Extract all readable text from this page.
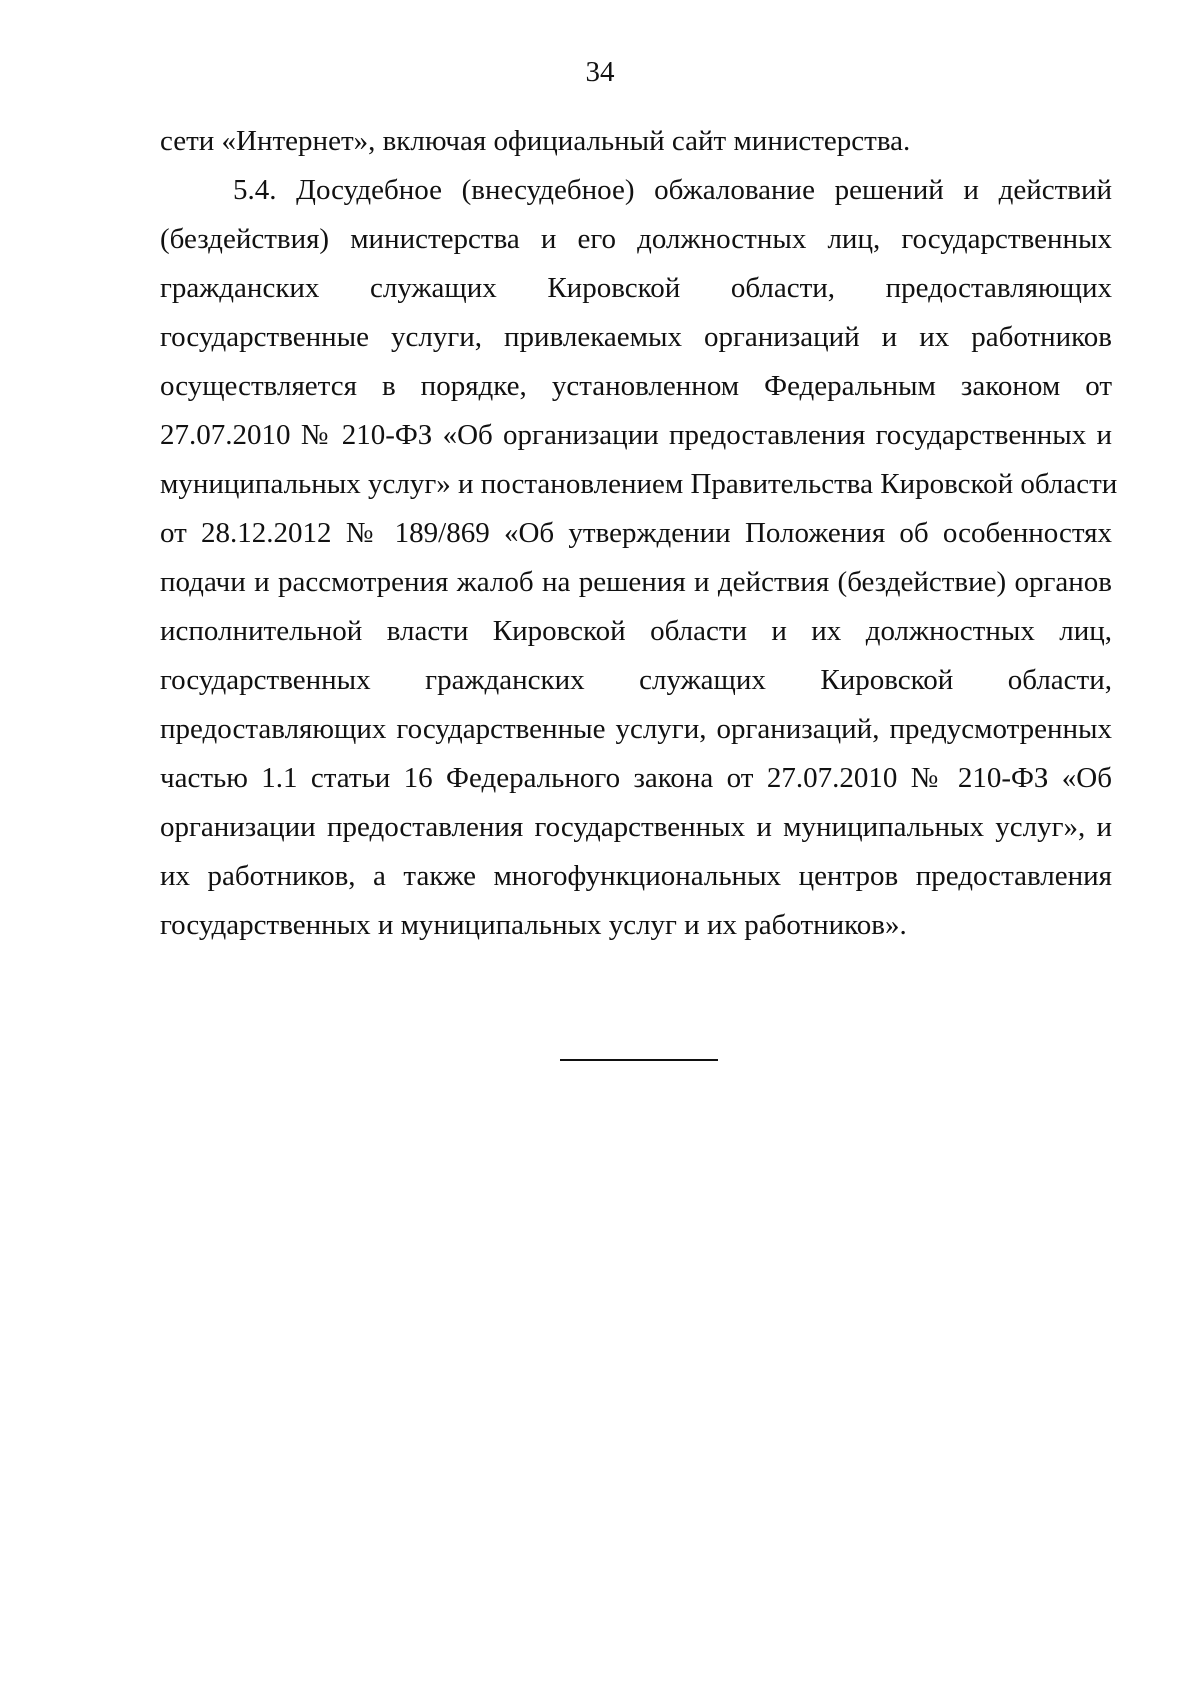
34
сети «Интернет», включая официальный сайт министерства.
5.4. Досудебное (внесудебное) обжалование решений и действий
(бездействия) министерства и его должностных лиц, государственных
гражданских служащих Кировской области, предоставляющих
государственные услуги, привлекаемых организаций и их работников
осуществляется в порядке, установленном Федеральным законом от
27.07.2010 № 210-ФЗ «Об организации предоставления государственных и
муниципальных услуг» и постановлением Правительства Кировской области
от 28.12.2012 № 189/869 «Об утверждении Положения об особенностях
подачи и рассмотрения жалоб на решения и действия (бездействие) органов
исполнительной власти Кировской области и их должностных лиц,
государственных гражданских служащих Кировской области,
предоставляющих государственные услуги, организаций, предусмотренных
частью 1.1 статьи 16 Федерального закона от 27.07.2010 № 210-ФЗ «Об
организации предоставления государственных и муниципальных услуг», и
их работников, а также многофункциональных центров предоставления
государственных и муниципальных услуг и их работников».
